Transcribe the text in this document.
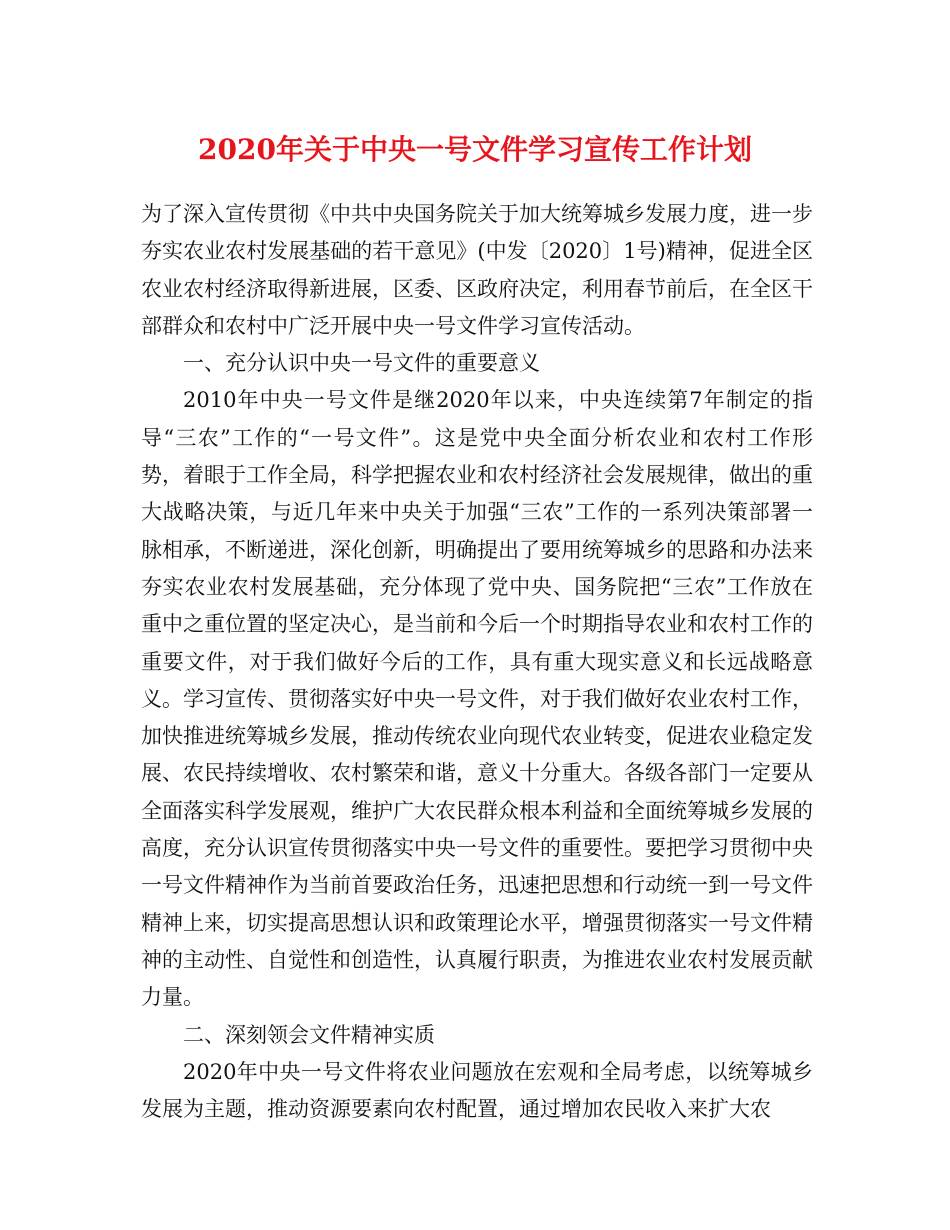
2020年关于中央一号文件学习宣传工作计划

为了深入宣传贯彻《中共中央国务院关于加大统筹城乡发展力度，进一步夯实农业农村发展基础的若干意见》(中发〔2020〕1号)精神，促进全区农业农村经济取得新进展，区委、区政府决定，利用春节前后，在全区干部群众和农村中广泛开展中央一号文件学习宣传活动。

一、充分认识中央一号文件的重要意义

2010年中央一号文件是继2020年以来，中央连续第7年制定的指导“三农”工作的“一号文件”。这是党中央全面分析农业和农村工作形势，着眼于工作全局，科学把握农业和农村经济社会发展规律，做出的重大战略决策，与近几年来中央关于加强“三农”工作的一系列决策部署一脉相承，不断递进，深化创新，明确提出了要用统筹城乡的思路和办法来夯实农业农村发展基础，充分体现了党中央、国务院把“三农”工作放在重中之重位置的坚定决心，是当前和今后一个时期指导农业和农村工作的重要文件，对于我们做好今后的工作，具有重大现实意义和长远战略意义。学习宣传、贯彻落实好中央一号文件，对于我们做好农业农村工作，加快推进统筹城乡发展，推动传统农业向现代农业转变，促进农业稳定发展、农民持续增收、农村繁荣和谐，意义十分重大。各级各部门一定要从全面落实科学发展观，维护广大农民群众根本利益和全面统筹城乡发展的高度，充分认识宣传贯彻落实中央一号文件的重要性。要把学习贯彻中央一号文件精神作为当前首要政治任务，迅速把思想和行动统一到一号文件精神上来，切实提高思想认识和政策理论水平，增强贯彻落实一号文件精神的主动性、自觉性和创造性，认真履行职责，为推进农业农村发展贡献力量。

二、深刻领会文件精神实质

2020年中央一号文件将农业问题放在宏观和全局考虑，以统筹城乡发展为主题，推动资源要素向农村配置，通过增加农民收入来扩大农
